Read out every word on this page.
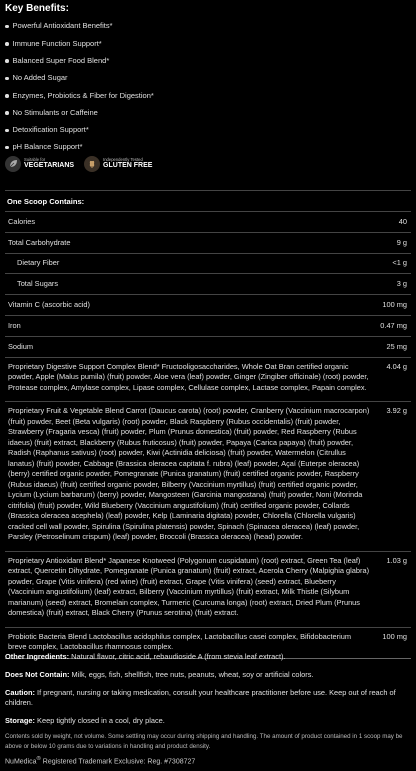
Key Benefits:
Powerful Antioxidant Benefits*
Immune Function Support*
Balanced Super Food Blend*
No Added Sugar
Enzymes, Probiotics & Fiber for Digestion*
No Stimulants or Caffeine
Detoxification Support*
pH Balance Support*
Suitable for
VEGETARIANS
Independently Tested
GLUTEN FREE
One Scoop Contains:
Calories	40
Total Carbohydrate	9 g
Dietary Fiber	<1 g
Total Sugars	3 g
Vitamin C (ascorbic acid)	100 mg
Iron	0.47 mg
Sodium	25 mg
Proprietary Digestive Support Complex Blend* Fructooligosaccharides, Whole Oat Bran certified organic powder, Apple (Malus pumila) (fruit) powder, Aloe vera (leaf) powder, Ginger (Zingiber officinale) (root) powder, Protease complex, Amylase complex, Lipase complex, Cellulase complex, Lactase complex, Papain complex.
4.04 g
Proprietary Fruit & Vegetable Blend Carrot (Daucus carota) (root) powder, Cranberry (Vaccinium macrocarpon) (fruit) powder, Beet (Beta vulgaris) (root) powder, Black Raspberry (Rubus occidentalis) (fruit) powder, Strawberry (Fragaria vesca) (fruit) powder, Plum (Prunus domestica) (fruit) powder, Red Raspberry (Rubus idaeus) (fruit) extract, Blackberry (Rubus fruticosus) (fruit) powder, Papaya (Carica papaya) (fruit) powder, Radish (Raphanus sativus) (root) powder, Kiwi (Actinidia deliciosa) (fruit) powder, Watermelon (Citrullus lanatus) (fruit) powder, Cabbage (Brassica oleracea capitata f. rubra) (leaf) powder, Açaí (Euterpe oleracea) (berry) certified organic powder, Pomegranate (Punica granatum) (fruit) certified organic powder, Raspberry (Rubus idaeus) (fruit) certified organic powder, Bilberry (Vaccinium myrtillus) (fruit) certified organic powder, Lycium (Lycium barbarum) (berry) powder, Mangosteen (Garcinia mangostana) (fruit) powder, Noni (Morinda citrifolia) (fruit) powder, Wild Blueberry (Vaccinium angustifolium) (fruit) certified organic powder, Collards (Brassica oleracea acephela) (leaf) powder, Kelp (Laminaria digitata) powder, Chlorella (Chlorella vulgaris) cracked cell wall powder, Spirulina (Spirulina platensis) powder, Spinach (Spinacea oleracea) (leaf) powder, Parsley (Petroselinum crispum) (leaf) powder, Broccoli (Brassica oleracea) (head) powder.
3.92 g
Proprietary Antioxidant Blend* Japanese Knotweed (Polygonum cuspidatum) (root) extract, Green Tea (leaf) extract, Quercetin Dihydrate, Pomegranate (Punica granatum) (fruit) extract, Acerola Cherry (Malpighia glabra) powder, Grape (Vitis vinifera) (red wine) (fruit) extract, Grape (Vitis vinifera) (seed) extract, Blueberry (Vaccinium angustifolium) (leaf) extract, Bilberry (Vaccinium myrtillus) (fruit) extract, Milk Thistle (Silybum marianum) (seed) extract, Bromelain complex, Turmeric (Curcuma longa) (root) extract, Dried Plum (Prunus domestica) (fruit) extract, Black Cherry (Prunus serotina) (fruit) extract.
1.03 g
Probiotic Bacteria Blend Lactobacillus acidophilus complex, Lactobacillus casei complex, Bifidobacterium breve complex, Lactobacillus rhamnosus complex.
100 mg

Other Ingredients: Natural flavor, citric acid, rebaudioside A (from stevia leaf extract).

Does Not Contain: Milk, eggs, fish, shellfish, tree nuts, peanuts, wheat, soy or artificial colors.

Caution: If pregnant, nursing or taking medication, consult your healthcare practitioner before use. Keep out of reach of children.

Storage: Keep tightly closed in a cool, dry place.

Contents sold by weight, not volume. Some settling may occur during shipping and handling. The amount of product contained in 1 scoop may be above or below 10 grams due to variations in handling and product density.

NuMedica® Registered Trademark Exclusive: Reg. #7308727
